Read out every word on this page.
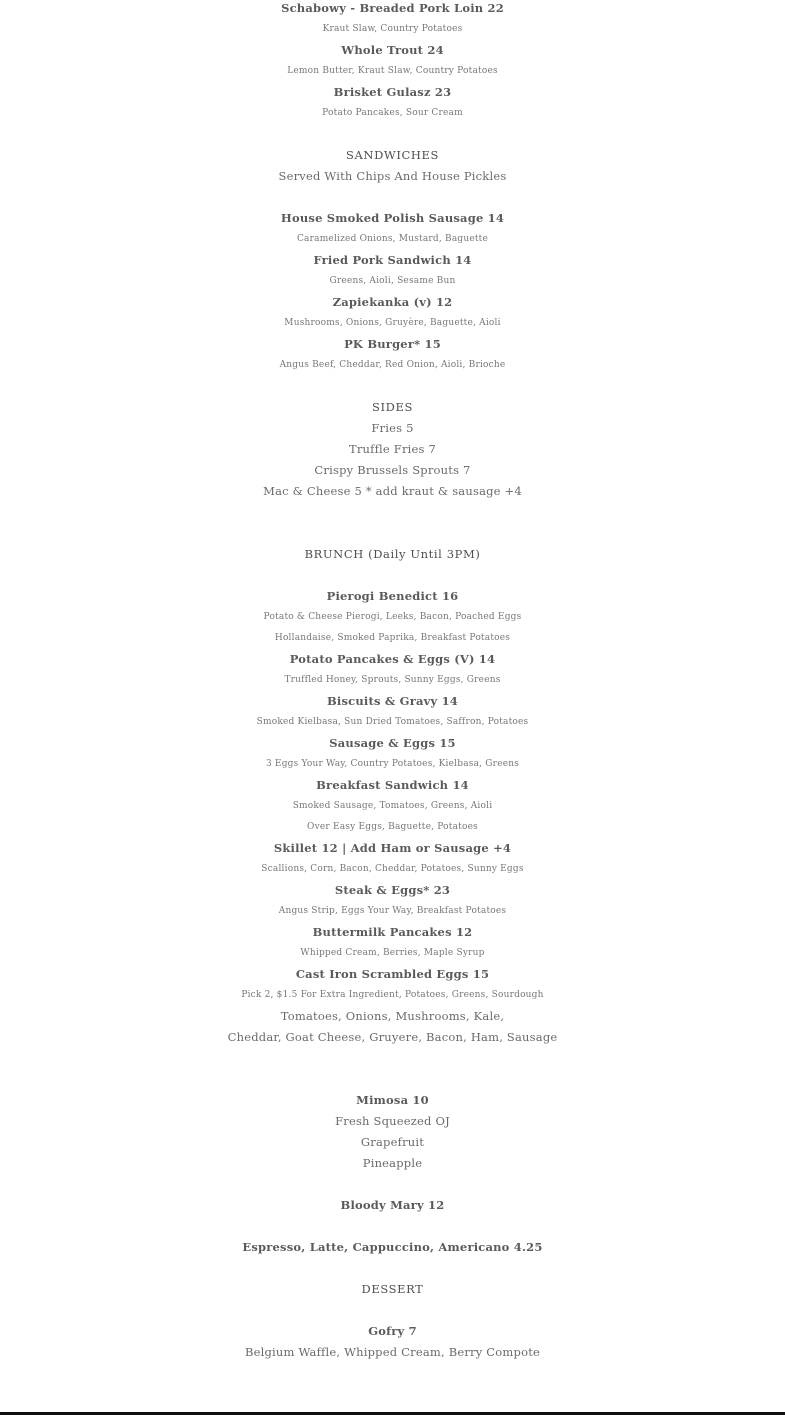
Schabowy - Breaded Pork Loin 22
Kraut Slaw, Country Potatoes
Whole Trout 24
Lemon Butter, Kraut Slaw, Country Potatoes
Brisket Gulasz 23
Potato Pancakes, Sour Cream
SANDWICHES
Served With Chips And House Pickles
House Smoked Polish Sausage 14
Caramelized Onions, Mustard, Baguette
Fried Pork Sandwich 14
Greens, Aioli, Sesame Bun
Zapiekanka (v) 12
Mushrooms, Onions, Gruyère, Baguette, Aioli
PK Burger* 15
Angus Beef, Cheddar, Red Onion, Aioli, Brioche
SIDES
Fries 5
Truffle Fries 7
Crispy Brussels Sprouts 7
Mac & Cheese 5 * add kraut & sausage +4
BRUNCH (Daily Until 3PM)
Pierogi Benedict 16
Potato & Cheese Pierogi, Leeks, Bacon, Poached Eggs
Hollandaise, Smoked Paprika, Breakfast Potatoes
Potato Pancakes & Eggs (V) 14
Truffled Honey, Sprouts, Sunny Eggs, Greens
Biscuits & Gravy 14
Smoked Kielbasa, Sun Dried Tomatoes, Saffron, Potatoes
Sausage & Eggs 15
3 Eggs Your Way, Country Potatoes, Kielbasa, Greens
Breakfast Sandwich 14
Smoked Sausage, Tomatoes, Greens, Aioli
Over Easy Eggs, Baguette, Potatoes
Skillet 12 | Add Ham or Sausage +4
Scallions, Corn, Bacon, Cheddar, Potatoes, Sunny Eggs
Steak & Eggs* 23
Angus Strip, Eggs Your Way, Breakfast Potatoes
Buttermilk Pancakes 12
Whipped Cream, Berries, Maple Syrup
Cast Iron Scrambled Eggs 15
Pick 2, $1.5 For Extra Ingredient, Potatoes, Greens, Sourdough
Tomatoes, Onions, Mushrooms, Kale,
Cheddar, Goat Cheese, Gruyere, Bacon, Ham, Sausage
Mimosa 10
Fresh Squeezed OJ
Grapefruit
Pineapple
Bloody Mary 12
Espresso, Latte, Cappuccino, Americano 4.25
DESSERT
Gofry 7
Belgium Waffle, Whipped Cream, Berry Compote
